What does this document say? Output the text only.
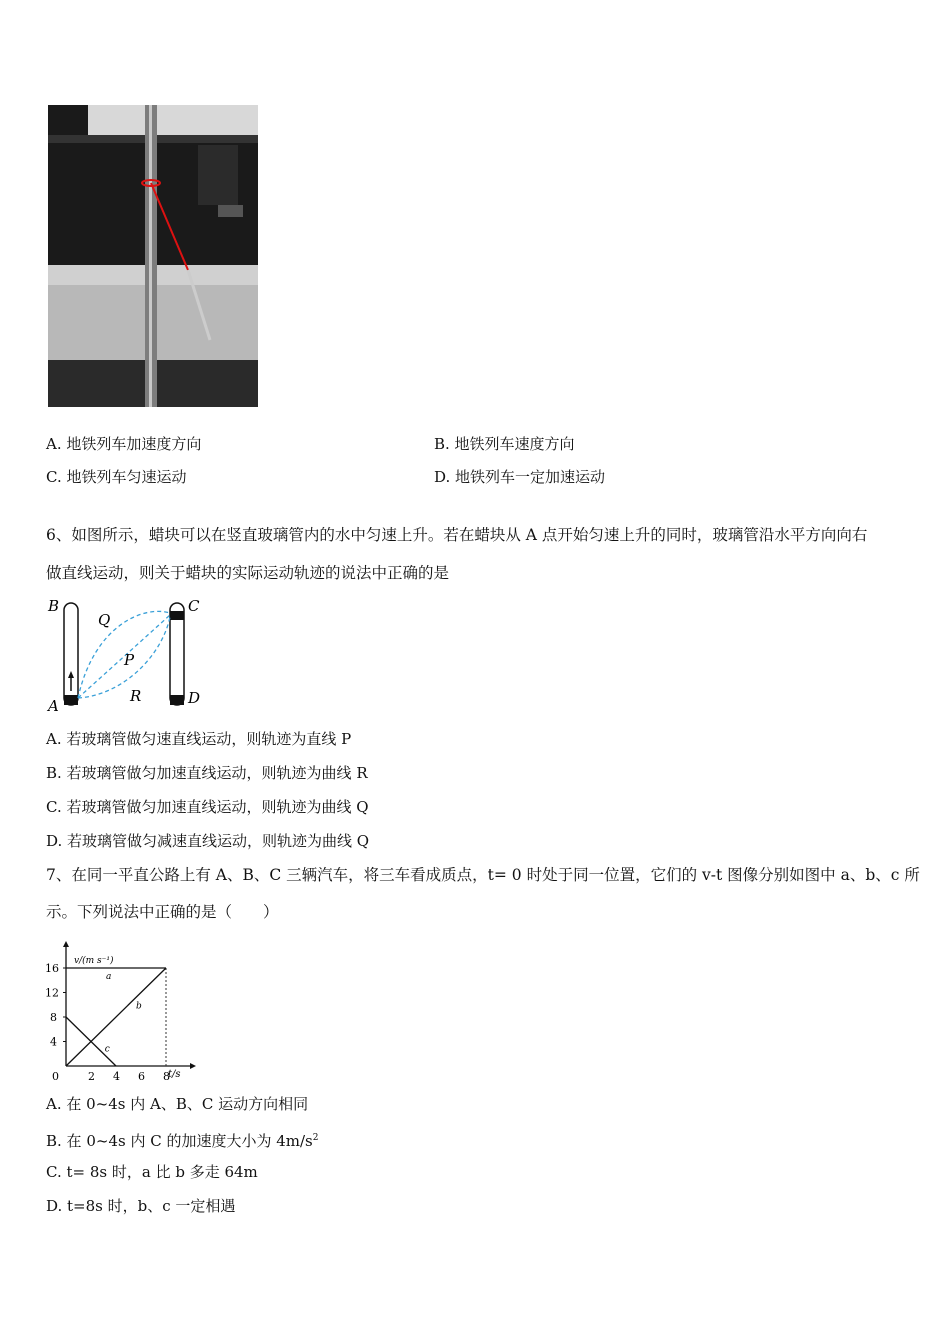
A. 地铁列车加速度方向	B. 地铁列车速度方向
C. 地铁列车匀速运动	D. 地铁列车一定加速运动
6、如图所示，蜡块可以在竖直玻璃管内的水中匀速上升。若在蜡块从 A 点开始匀速上升的同时，玻璃管沿水平方向向右
做直线运动，则关于蜡块的实际运动轨迹的说法中正确的是
B	C
A	D
Q
P
R
A. 若玻璃管做匀速直线运动，则轨迹为直线 P
B. 若玻璃管做匀加速直线运动，则轨迹为曲线 R
C. 若玻璃管做匀加速直线运动，则轨迹为曲线 Q
D. 若玻璃管做匀减速直线运动，则轨迹为曲线 Q
7、在同一平直公路上有 A、B、C 三辆汽车，将三车看成质点，t= 0 时处于同一位置，它们的 v-t 图像分别如图中 a、b、c 所
示。下列说法中正确的是（　　）
a
b
c
2 4 6 8
4
8
12
16
v/(m s⁻¹)
t/s
0
A. 在 0~4s 内 A、B、C 运动方向相同
B. 在 0~4s 内 C 的加速度大小为 $4m/s^2$
C. t= 8s 时，a 比 b 多走 64m
D. t=8s 时，b、c 一定相遇
